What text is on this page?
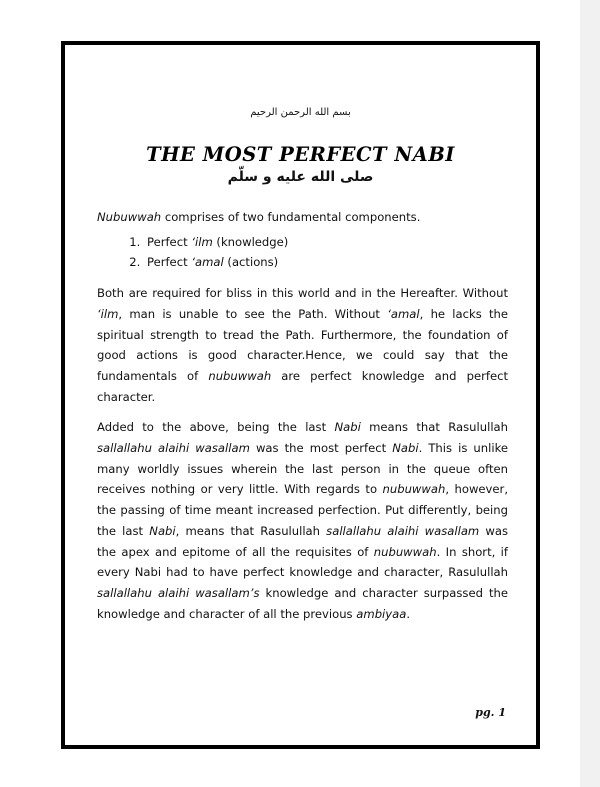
بسم الله الرحمن الرحيم
THE MOST PERFECT NABI
صلى الله عليه و سلّم

Nubuwwah comprises of two fundamental components.

1. Perfect ‘ilm (knowledge)
2. Perfect ‘amal (actions)

Both are required for bliss in this world and in the Hereafter. Without ‘ilm, man is unable to see the Path. Without ‘amal, he lacks the spiritual strength to tread the Path. Furthermore, the foundation of good actions is good character.Hence, we could say that the fundamentals of nubuwwah are perfect knowledge and perfect character.

Added to the above, being the last Nabi means that Rasulullah sallallahu alaihi wasallam was the most perfect Nabi. This is unlike many worldly issues wherein the last person in the queue often receives nothing or very little. With regards to nubuwwah, however, the passing of time meant increased perfection. Put differently, being the last Nabi, means that Rasulullah sallallahu alaihi wasallam was the apex and epitome of all the requisites of nubuwwah. In short, if every Nabi had to have perfect knowledge and character, Rasulullah sallallahu alaihi wasallam’s knowledge and character surpassed the knowledge and character of all the previous ambiyaa.

pg. 1
